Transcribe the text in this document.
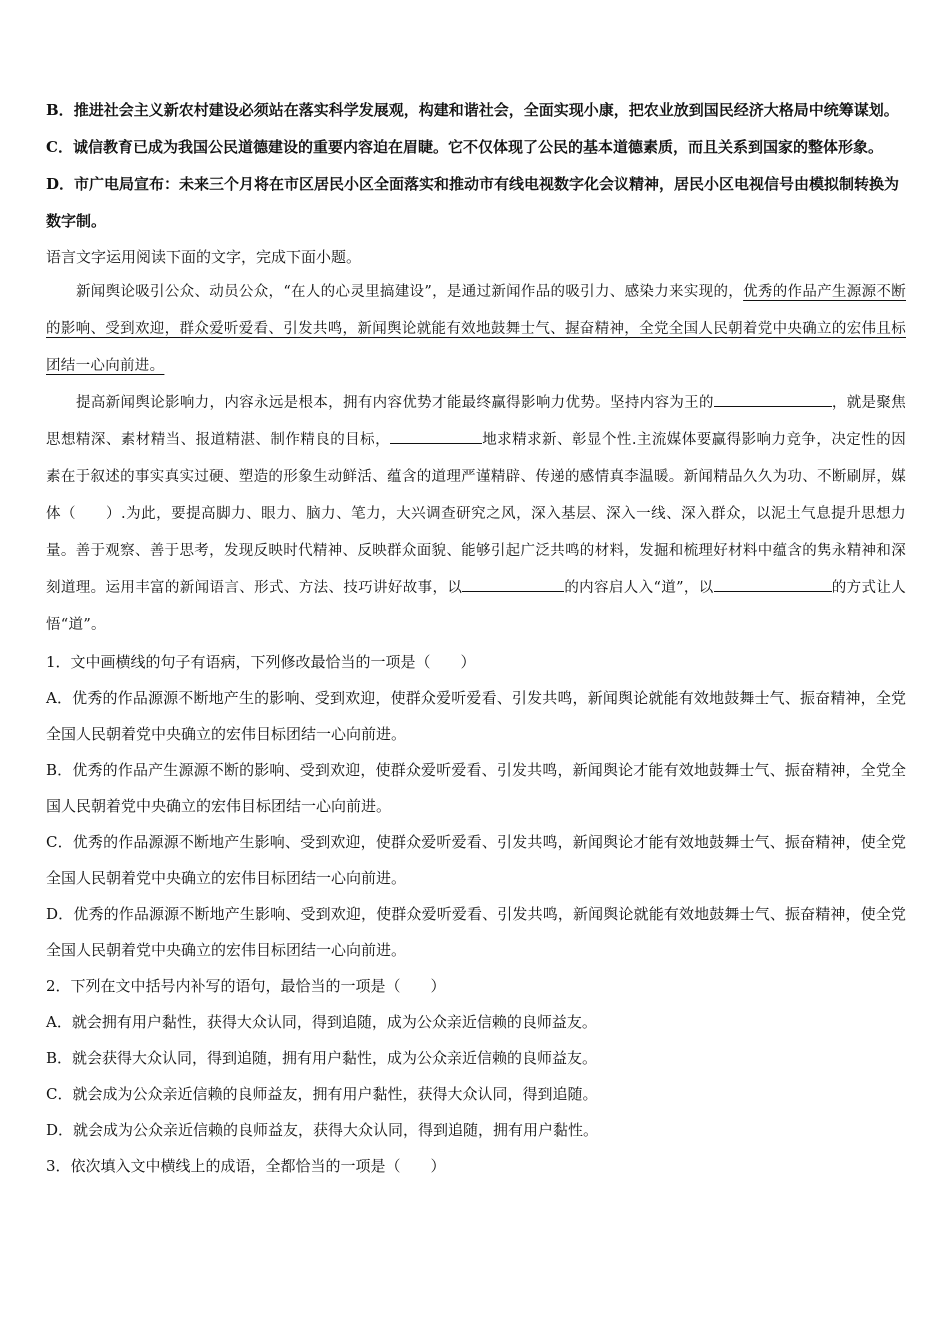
B．推进社会主义新农村建设必须站在落实科学发展观，构建和谐社会，全面实现小康，把农业放到国民经济大格局中统筹谋划。

C．诚信教育已成为我国公民道德建设的重要内容迫在眉睫。它不仅体现了公民的基本道德素质，而且关系到国家的整体形象。

D．市广电局宣布：未来三个月将在市区居民小区全面落实和推动市有线电视数字化会议精神，居民小区电视信号由模拟制转换为数字制。

语言文字运用阅读下面的文字，完成下面小题。

新闻舆论吸引公众、动员公众，“在人的心灵里搞建设”，是通过新闻作品的吸引力、感染力来实现的，优秀的作品产生源源不断的影响、受到欢迎，群众爱听爱看、引发共鸣，新闻舆论就能有效地鼓舞士气、握奋精神，全党全国人民朝着党中央确立的宏伟且标团结一心向前进。

提高新闻舆论影响力，内容永远是根本，拥有内容优势才能最终赢得影响力优势。坚持内容为王的	，就是聚焦思想精深、素材精当、报道精湛、制作精良的目标，	地求精求新、彰显个性.主流媒体要赢得影响力竞争，决定性的因素在于叙述的事实真实过硬、塑造的形象生动鲜活、蕴含的道理严谨精辟、传递的感情真李温暖。新闻精品久久为功、不断刷屏，媒体（　　）.为此，要提高脚力、眼力、脑力、笔力，大兴调查研究之风，深入基层、深入一线、深入群众，以泥土气息提升思想力量。善于观察、善于思考，发现反映时代精神、反映群众面貌、能够引起广泛共鸣的材料，发掘和梳理好材料中蕴含的隽永精神和深刻道理。运用丰富的新闻语言、形式、方法、技巧讲好故事，以	的内容启人入“道”，以	的方式让人悟“道”。

1．文中画横线的句子有语病，下列修改最恰当的一项是（　　）

A．优秀的作品源源不断地产生的影响、受到欢迎，使群众爱听爱看、引发共鸣，新闻舆论就能有效地鼓舞士气、振奋精神，全党全国人民朝着党中央确立的宏伟目标团结一心向前进。

B．优秀的作品产生源源不断的影响、受到欢迎，使群众爱听爱看、引发共鸣，新闻舆论才能有效地鼓舞士气、振奋精神，全党全国人民朝着党中央确立的宏伟目标团结一心向前进。

C．优秀的作品源源不断地产生影响、受到欢迎，使群众爱听爱看、引发共鸣，新闻舆论才能有效地鼓舞士气、振奋精神，使全党全国人民朝着党中央确立的宏伟目标团结一心向前进。

D．优秀的作品源源不断地产生影响、受到欢迎，使群众爱听爱看、引发共鸣，新闻舆论就能有效地鼓舞士气、振奋精神，使全党全国人民朝着党中央确立的宏伟目标团结一心向前进。

2．下列在文中括号内补写的语句，最恰当的一项是（　　）

A．就会拥有用户黏性，获得大众认同，得到追随，成为公众亲近信赖的良师益友。

B．就会获得大众认同，得到追随，拥有用户黏性，成为公众亲近信赖的良师益友。

C．就会成为公众亲近信赖的良师益友，拥有用户黏性，获得大众认同，得到追随。

D．就会成为公众亲近信赖的良师益友，获得大众认同，得到追随，拥有用户黏性。

3．依次填入文中横线上的成语，全都恰当的一项是（　　）
